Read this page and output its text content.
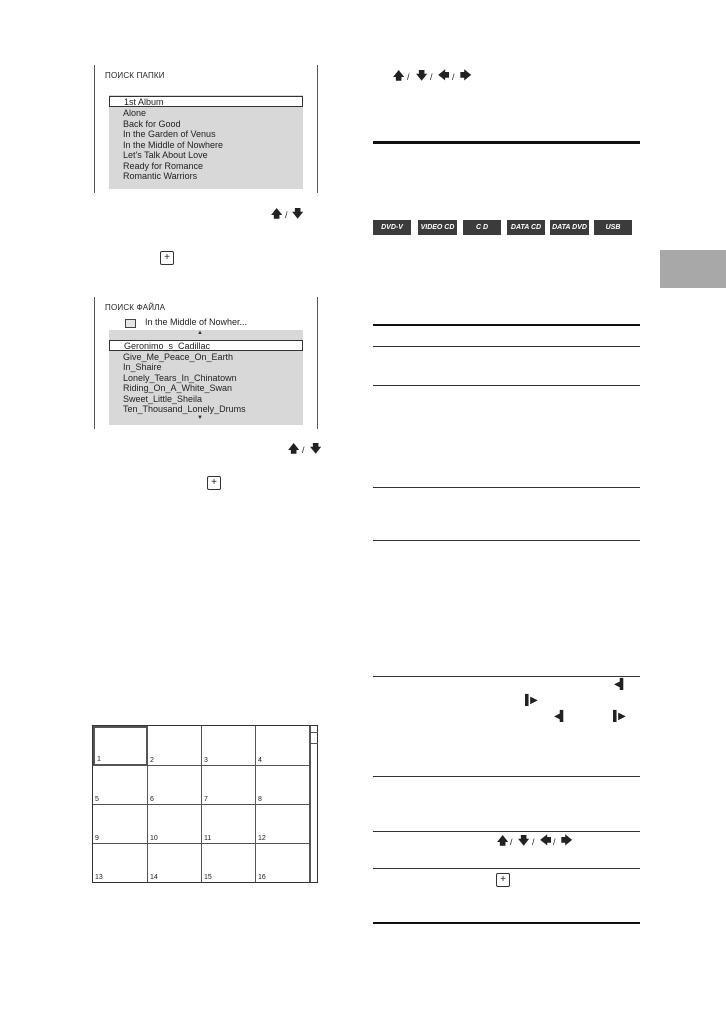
🡅 / 🡇 / 🡄 / 🡆
ПОИСК ПАПКИ
1st Album
Alone
Back for Good
In the Garden of Venus
In the Middle of Nowhere
Let's Talk About Love
Ready for Romance
Romantic Warriors
🡅 / 🡇
+
ПОИСК ФАЙЛА
In the Middle of Nowher...
▲
Geronimo_s_Cadillac
Give_Me_Peace_On_Earth
In_Shaire
Lonely_Tears_In_Chinatown
Riding_On_A_White_Swan
Sweet_Little_Sheila
Ten_Thousand_Lonely_Drums
▼
🡅 / 🡇
+
1	2	3	4
5	6	7	8
9	10	11	12
13	14	15	16
DVD-V	VIDEO CD	C D	DATA CD	DATA DVD	USB
◀▌
▌▶
◀▌	▌▶
🡅 / 🡇 / 🡄 / 🡆
+
